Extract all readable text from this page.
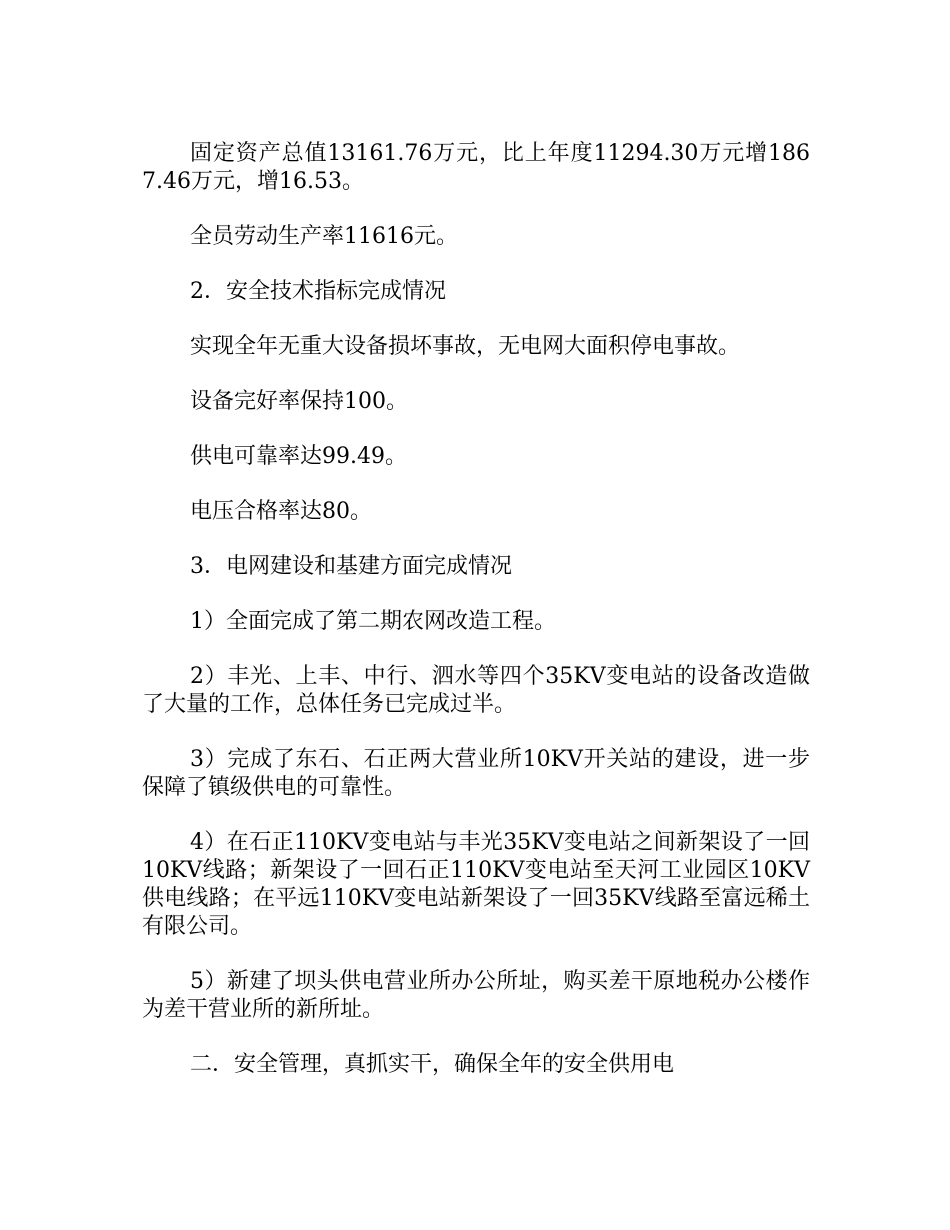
固定资产总值13161.76万元，比上年度11294.30万元增1867.46万元，增16.53。

全员劳动生产率11616元。

2．安全技术指标完成情况

实现全年无重大设备损坏事故，无电网大面积停电事故。

设备完好率保持100。

供电可靠率达99.49。

电压合格率达80。

3．电网建设和基建方面完成情况

1）全面完成了第二期农网改造工程。

2）丰光、上丰、中行、泗水等四个35KV变电站的设备改造做了大量的工作，总体任务已完成过半。

3）完成了东石、石正两大营业所10KV开关站的建设，进一步保障了镇级供电的可靠性。

4）在石正110KV变电站与丰光35KV变电站之间新架设了一回10KV线路；新架设了一回石正110KV变电站至天河工业园区10KV供电线路；在平远110KV变电站新架设了一回35KV线路至富远稀土有限公司。

5）新建了坝头供电营业所办公所址，购买差干原地税办公楼作为差干营业所的新所址。

二．安全管理，真抓实干，确保全年的安全供用电
